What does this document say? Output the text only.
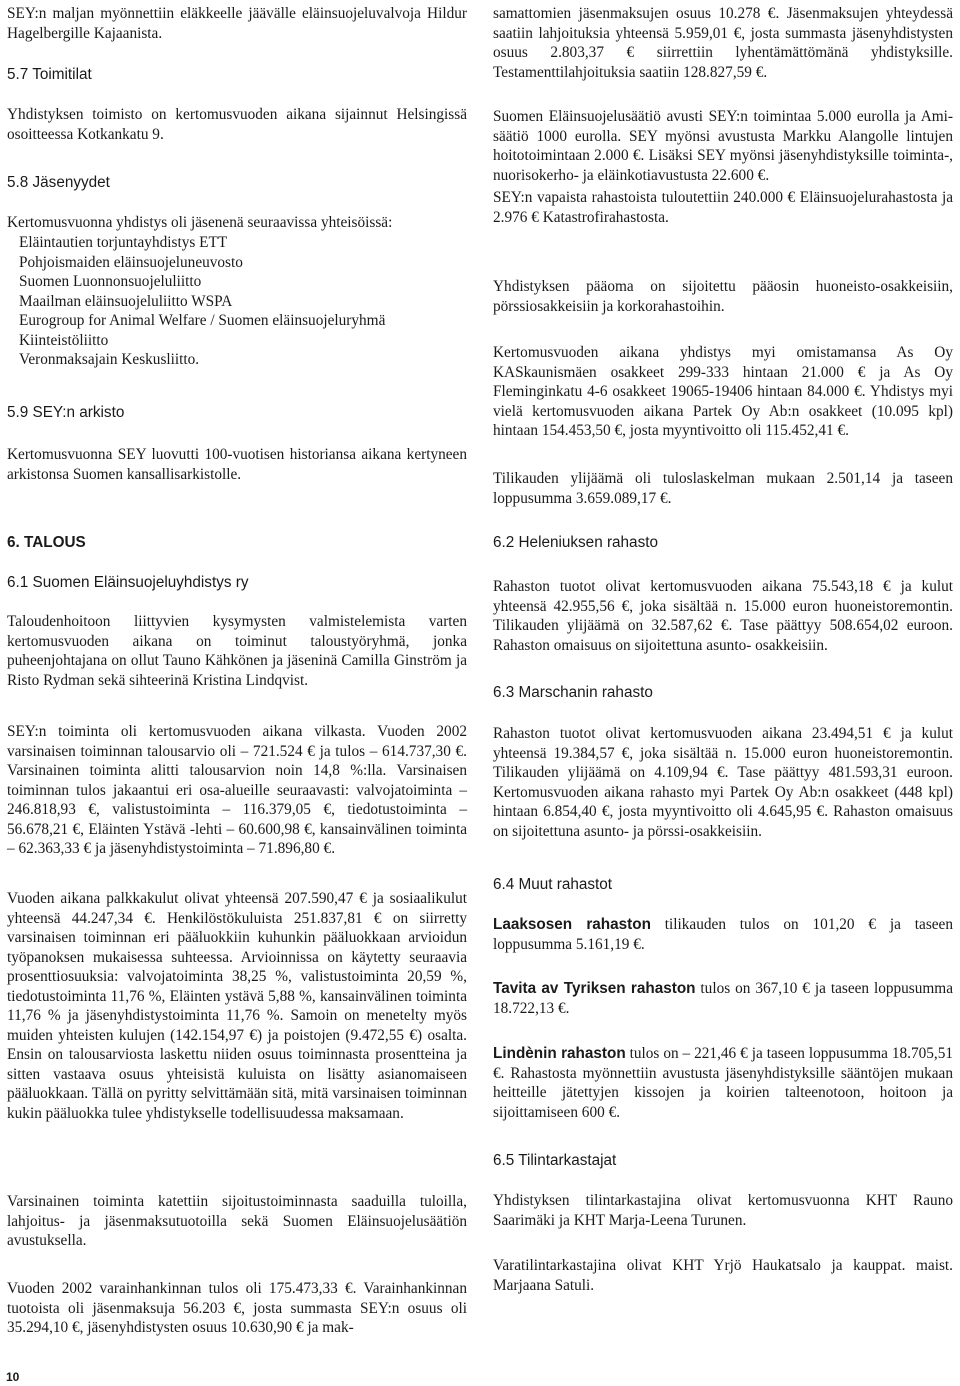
SEY:n maljan myönnettiin eläkkeelle jäävälle eläinsuojeluvalvoja Hildur Hagelbergille Kajaanista.

5.7 Toimitilat

Yhdistyksen toimisto on kertomusvuoden aikana sijainnut Helsingissä osoitteessa Kotkankatu 9.

5.8 Jäsenyydet

Kertomusvuonna yhdistys oli jäsenenä seuraavissa yhteisöissä:

Eläintautien torjuntayhdistys ETT
Pohjoismaiden eläinsuojeluneuvosto
Suomen Luonnonsuojeluliitto
Maailman eläinsuojeluliitto WSPA
Eurogroup for Animal Welfare / Suomen eläinsuojeluryhmä
Kiinteistöliitto
Veronmaksajain Keskusliitto.

5.9 SEY:n arkisto

Kertomusvuonna SEY luovutti 100-vuotisen historiansa aikana kertyneen arkistonsa Suomen kansallisarkistolle.

6. TALOUS

6.1 Suomen Eläinsuojeluyhdistys ry

Taloudenhoitoon liittyvien kysymysten valmistelemista varten kertomusvuoden aikana on toiminut taloustyöryhmä, jonka puheenjohtajana on ollut Tauno Kähkönen ja jäseninä Camilla Ginström ja Risto Rydman sekä sihteerinä Kristina Lindqvist.

SEY:n toiminta oli kertomusvuoden aikana vilkasta. Vuoden 2002 varsinaisen toiminnan talousarvio oli – 721.524 € ja tulos – 614.737,30 €. Varsinainen toiminta alitti talousarvion noin 14,8 %:lla. Varsinaisen toiminnan tulos jakaantui eri osa-alueille seuraavasti: valvojatoiminta – 246.818,93 €, valistustoiminta – 116.379,05 €, tiedotustoiminta – 56.678,21 €, Eläinten Ystävä -lehti – 60.600,98 €, kansainvälinen toiminta – 62.363,33 € ja jäsenyhdistystoiminta – 71.896,80 €.

Vuoden aikana palkkakulut olivat yhteensä 207.590,47 € ja sosiaalikulut yhteensä 44.247,34 €. Henkilöstökuluista 251.837,81 € on siirretty varsinaisen toiminnan eri pääluokkiin kuhunkin pääluokkaan arvioidun työpanoksen mukaisessa suhteessa. Arvioinnissa on käytetty seuraavia prosenttiosuuksia: valvojatoiminta 38,25 %, valistustoiminta 20,59 %, tiedotustoiminta 11,76 %, Eläinten ystävä 5,88 %, kansainvälinen toiminta 11,76 % ja jäsenyhdistystoiminta 11,76 %. Samoin on menetelty myös muiden yhteisten kulujen (142.154,97 €) ja poistojen (9.472,55 €) osalta. Ensin on talousarviosta laskettu niiden osuus toiminnasta prosentteina ja sitten vastaava osuus yhteisistä kuluista on lisätty asianomaiseen pääluokkaan. Tällä on pyritty selvittämään sitä, mitä varsinaisen toiminnan kukin pääluokka tulee yhdistykselle todellisuudessa maksamaan.

Varsinainen toiminta katettiin sijoitustoiminnasta saaduilla tuloilla, lahjoitus- ja jäsenmaksutuotoilla sekä Suomen Eläinsuojelusäätiön avustuksella.

Vuoden 2002 varainhankinnan tulos oli 175.473,33 €. Varainhankinnan tuotoista oli jäsenmaksuja 56.203 €, josta summasta SEY:n osuus oli 35.294,10 €, jäsenyhdistysten osuus 10.630,90 € ja mak-

samattomien jäsenmaksujen osuus 10.278 €. Jäsenmaksujen yhteydessä saatiin lahjoituksia yhteensä 5.959,01 €, josta summasta jäsenyhdistysten osuus 2.803,37 € siirrettiin lyhentämättömänä yhdistyksille. Testamenttilahjoituksia saatiin 128.827,59 €.

Suomen Eläinsuojelusäätiö avusti SEY:n toimintaa 5.000 eurolla ja Ami-säätiö 1000 eurolla. SEY myönsi avustusta Markku Alangolle lintujen hoitotoimintaan 2.000 €. Lisäksi SEY myönsi jäsenyhdistyksille toiminta-, nuorisokerho- ja eläinkotiavustusta 22.600 €.

SEY:n vapaista rahastoista tuloutettiin 240.000 € Eläinsuojelurahastosta ja 2.976 € Katastrofirahastosta.

Yhdistyksen pääoma on sijoitettu pääosin huoneisto-osakkeisiin, pörssiosakkeisiin ja korkorahastoihin.

Kertomusvuoden aikana yhdistys myi omistamansa As Oy KASkaunismäen osakkeet 299-333 hintaan 21.000 € ja As Oy Fleminginkatu 4-6 osakkeet 19065-19406 hintaan 84.000 €. Yhdistys myi vielä kertomusvuoden aikana Partek Oy Ab:n osakkeet (10.095 kpl) hintaan 154.453,50 €, josta myyntivoitto oli 115.452,41 €.

Tilikauden ylijäämä oli tuloslaskelman mukaan 2.501,14 ja taseen loppusumma 3.659.089,17 €.

6.2 Heleniuksen rahasto

Rahaston tuotot olivat kertomusvuoden aikana 75.543,18 € ja kulut yhteensä 42.955,56 €, joka sisältää n. 15.000 euron huoneistoremontin. Tilikauden ylijäämä on 32.587,62 €. Tase päättyy 508.654,02 euroon. Rahaston omaisuus on sijoitettuna asunto- osakkeisiin.

6.3 Marschanin rahasto

Rahaston tuotot olivat kertomusvuoden aikana 23.494,51 € ja kulut yhteensä 19.384,57 €, joka sisältää n. 15.000 euron huoneistoremontin. Tilikauden ylijäämä on 4.109,94 €. Tase päättyy 481.593,31 euroon. Kertomusvuoden aikana rahasto myi Partek Oy Ab:n osakkeet (448 kpl) hintaan 6.854,40 €, josta myyntivoitto oli 4.645,95 €. Rahaston omaisuus on sijoitettuna asunto- ja pörssi-osakkeisiin.

6.4 Muut rahastot

Laaksosen rahaston tilikauden tulos on 101,20 € ja taseen loppusumma 5.161,19 €.

Tavita av Tyriksen rahaston tulos on 367,10 € ja taseen loppusumma 18.722,13 €.

Lindènin rahaston tulos on – 221,46 € ja taseen loppusumma 18.705,51 €. Rahastosta myönnettiin avustusta jäsenyhdistyksille sääntöjen mukaan heitteille jätettyjen kissojen ja koirien talteenotoon, hoitoon ja sijoittamiseen 600 €.

6.5 Tilintarkastajat

Yhdistyksen tilintarkastajina olivat kertomusvuonna KHT Rauno Saarimäki ja KHT Marja-Leena Turunen.

Varatilintarkastajina olivat KHT Yrjö Haukatsalo ja kauppat. maist. Marjaana Satuli.

10
